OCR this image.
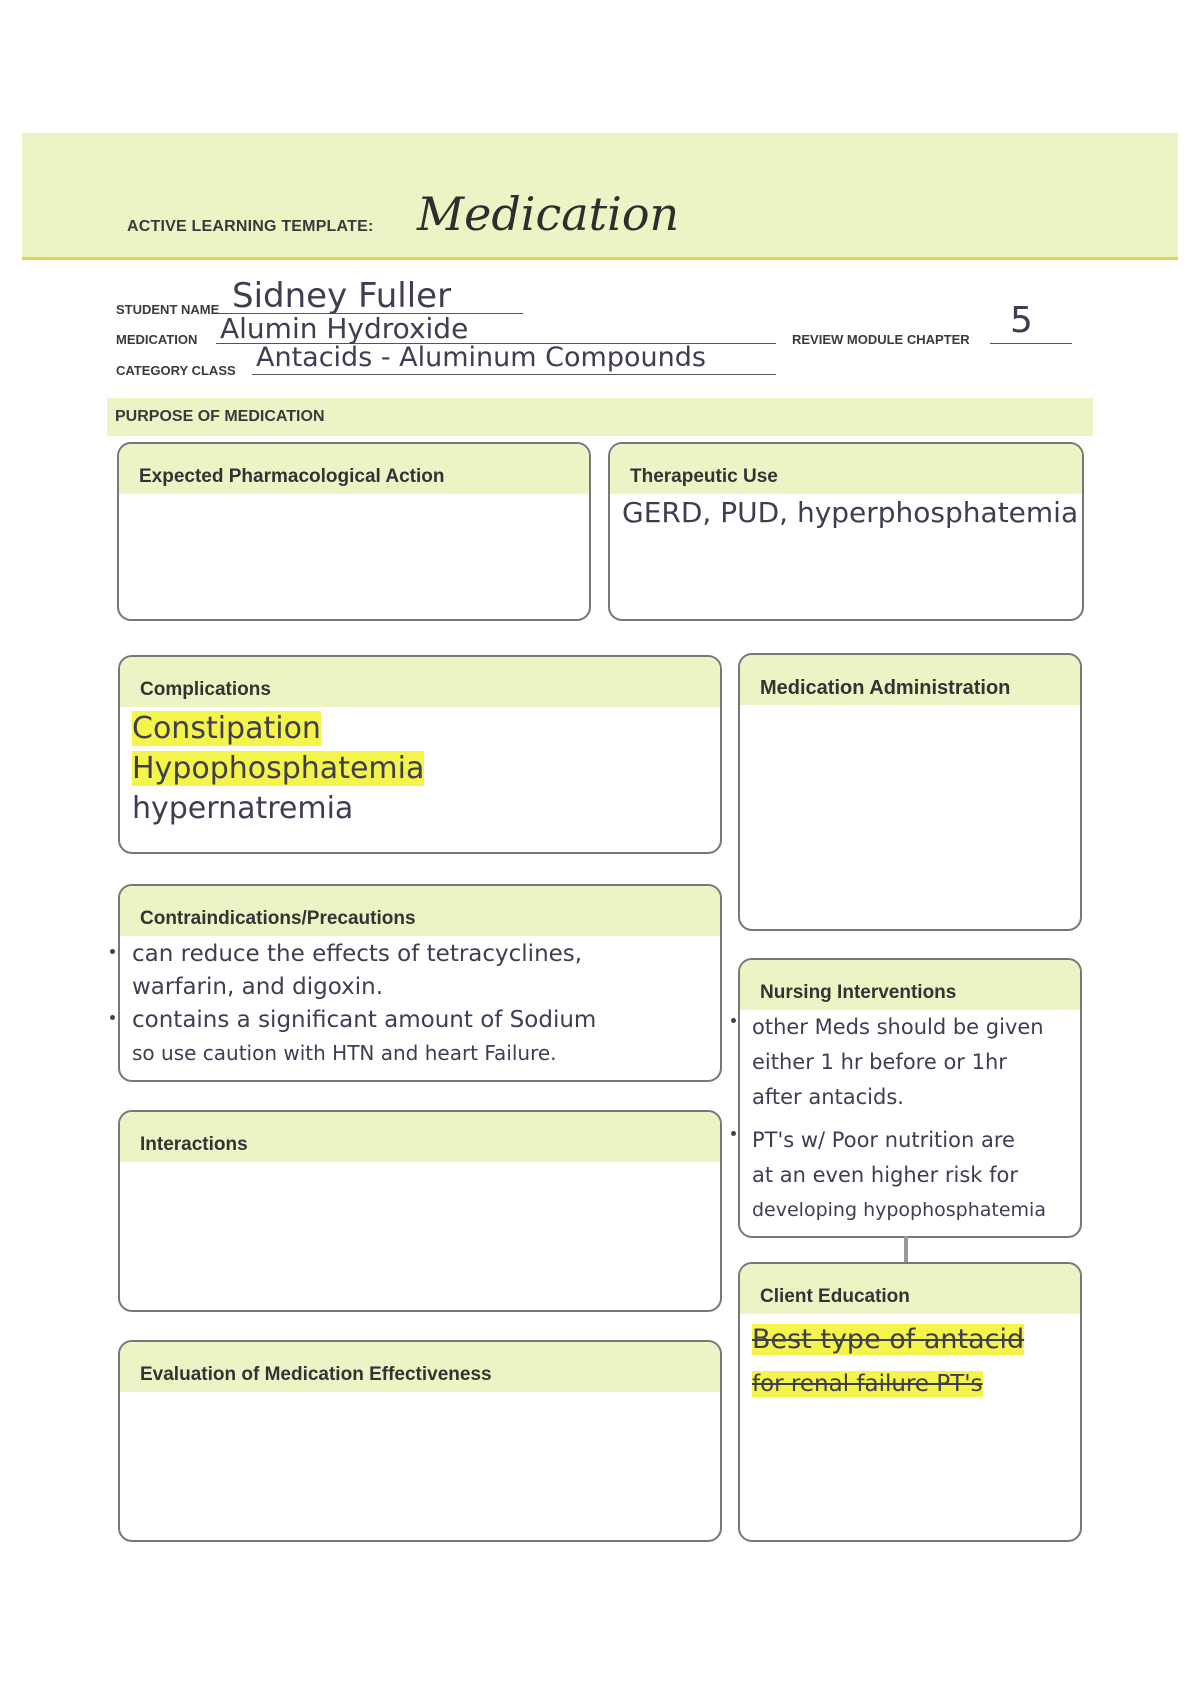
ACTIVE LEARNING TEMPLATE: Medication
STUDENT NAME Sidney Fuller
MEDICATION Alumin Hydroxide
CATEGORY CLASS Antacids - Aluminum Compounds
REVIEW MODULE CHAPTER 5
PURPOSE OF MEDICATION
Expected Pharmacological Action	Therapeutic Use
GERD, PUD, hyperphosphatemia
Complications
Constipation
Hypophosphatemia
hypernatremia
Medication Administration
Contraindications/Precautions
can reduce the effects of tetracyclines,
warfarin, and digoxin.
contains a significant amount of Sodium
so use caution with HTN and heart Failure.
Nursing Interventions
other Meds should be given
either 1 hr before or 1hr
after antacids.
PT's w/ Poor nutrition are
at an even higher risk for
developing hypophosphatemia
Interactions
Client Education
Best type of antacid
for renal failure PT's
Evaluation of Medication Effectiveness
